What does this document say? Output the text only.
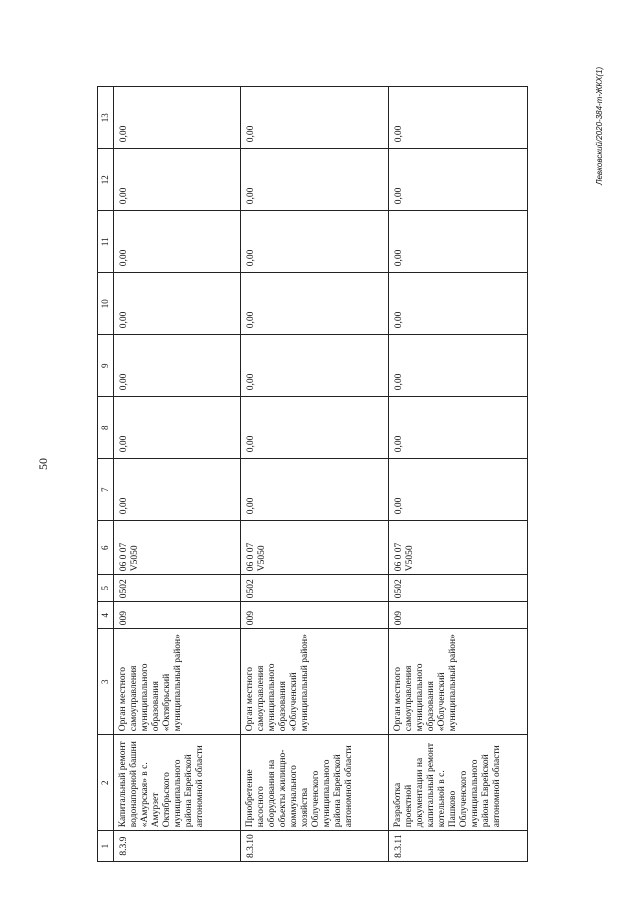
50
1	2	3	4	5	6	7	8	9	10	11	12	13
8.3.9	Капитальный ремонт водонапорной башни «Амурская» в с. Амурзет Октябрьского муниципального района Еврейской автономной области	Орган местного самоуправления муниципального образования «Октябрьский муниципальный район»	009	0502	06 0 07 V5050	0,00	0,00	0,00	0,00	0,00	0,00	0,00
8.3.10	Приобретение насосного оборудования на объекты жилищно-коммунального хозяйства Облученского муниципального района Еврейской автономной области	Орган местного самоуправления муниципального образования «Облученский муниципальный район»	009	0502	06 0 07 V5050	0,00	0,00	0,00	0,00	0,00	0,00	0,00
8.3.11	Разработка проектной документации на капитальный ремонт котельной в с. Пашково Облученского муниципального района Еврейской автономной области	Орган местного самоуправления муниципального образования «Облученский муниципальный район»	009	0502	06 0 07 V5050	0,00	0,00	0,00	0,00	0,00	0,00	0,00	Левковский/2020-384-m-ЖКХ(1)
